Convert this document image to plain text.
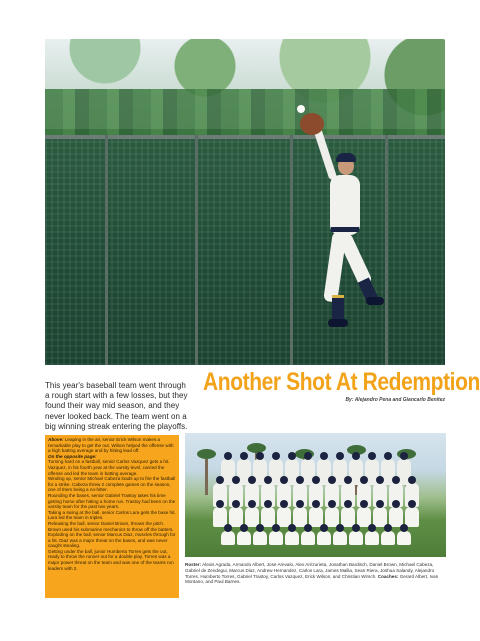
This year's baseball team went through a rough start with a few losses, but they found their way mid season, and they never looked back. The team went on a big winning streak entering the playoffs.
Another Shot At Redemption
By: Alejandro Pena and Giancarlo Benitez

Above: Leaping in the air, senior Erick Wilson makes a remarkable play to get the out. Wilson helped the offense with a high batting average and by hitting lead off.

On the opposite page:

Turning hard on a fastball, senior Carlos Vazquez gets a hit. Vazquez, in his fourth year at the varsity level, carried the offense and led the team in batting average.

Winding up, senior Michael Cabeza loads up to fire the fastball for a strike. Cabeza threw 2 complete games on the season, one of them being a no-hitter.

Rounding the bases, senior Gabriel Trastoy takes his time getting home after hitting a home run. Trastoy had been on the varsity team for the past two years.

Taking a swing at the ball, senior Carlos Lara gets the base hit. Lara led the team in triples.

Releasing the ball, senior Daniel Brown, throws the pitch. Brown used his submarine mechanics to throw off the batters.

Exploding on the ball, senior Marcus Diaz, muscles through for a hit. Diaz was a major threat on the bases, and was never caught stealing.

Getting under the ball, junior Humberto Torres gets the out, ready to throw the runner out for a double play. Torres was a major power threat on the team and was one of the teams run leaders with 2.

Roster: Alexis Agrada, Armando Albert, Jose Arevalo, Alex Arrizurieta, Jonathan Bardisch, Daniel Brown, Michael Cabeza, Gabriel de Zendegui, Marcus Diaz, Andrew Hernandez, Carlos Lara, James Mallia, Sean Riera, Joshua Salandy, Alejandro Torres, Humberto Torres, Gabriel Trastoy, Carlos Vazquez, Erick Wilson, and Christian Wirsch. Coaches: Gerard Albert, Ivan Montano, and Paul Barnes.
